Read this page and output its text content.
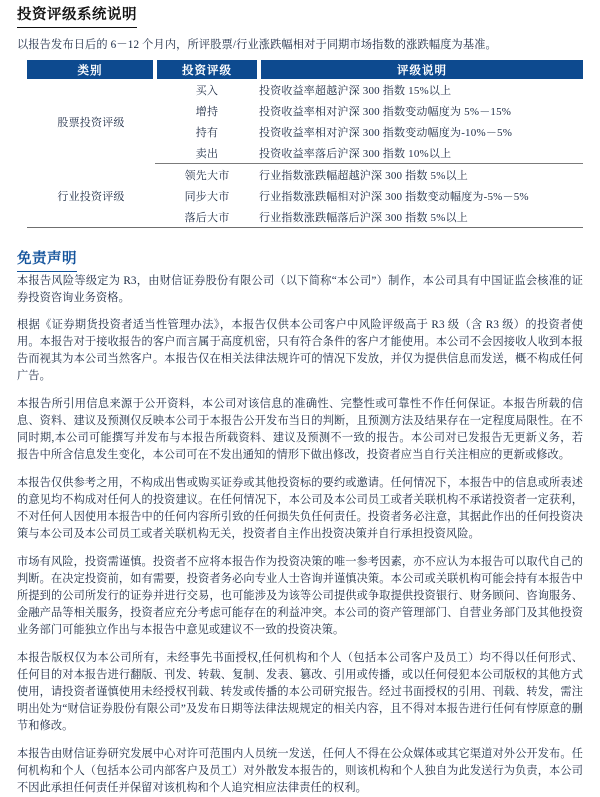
投资评级系统说明

以报告发布日后的 6－12 个月内，所评股票/行业涨跌幅相对于同期市场指数的涨跌幅度为基准。

类别	投资评级	评级说明
股票投资评级	买入	投资收益率超越沪深 300 指数 15%以上
	增持	投资收益率相对沪深 300 指数变动幅度为 5%－15%
	持有	投资收益率相对沪深 300 指数变动幅度为-10%－5%
	卖出	投资收益率落后沪深 300 指数 10%以上
行业投资评级	领先大市	行业指数涨跌幅超越沪深 300 指数 5%以上
	同步大市	行业指数涨跌幅相对沪深 300 指数变动幅度为-5%－5%
	落后大市	行业指数涨跌幅落后沪深 300 指数 5%以上
免责声明

本报告风险等级定为 R3，由财信证券股份有限公司（以下简称“本公司”）制作，本公司具有中国证监会核准的证券投资咨询业务资格。

根据《证券期货投资者适当性管理办法》，本报告仅供本公司客户中风险评级高于 R3 级（含 R3 级）的投资者使用。本报告对于接收报告的客户而言属于高度机密，只有符合条件的客户才能使用。本公司不会因接收人收到本报告而视其为本公司当然客户。本报告仅在相关法律法规许可的情况下发放，并仅为提供信息而发送，概不构成任何广告。

本报告所引用信息来源于公开资料，本公司对该信息的准确性、完整性或可靠性不作任何保证。本报告所载的信息、资料、建议及预测仅反映本公司于本报告公开发布当日的判断，且预测方法及结果存在一定程度局限性。在不同时期,本公司可能撰写并发布与本报告所载资料、建议及预测不一致的报告。本公司对已发报告无更新义务，若报告中所含信息发生变化，本公司可在不发出通知的情形下做出修改，投资者应当自行关注相应的更新或修改。

本报告仅供参考之用，不构成出售或购买证券或其他投资标的要约或邀请。任何情况下，本报告中的信息或所表述的意见均不构成对任何人的投资建议。在任何情况下，本公司及本公司员工或者关联机构不承诺投资者一定获利，不对任何人因使用本报告中的任何内容所引致的任何损失负任何责任。投资者务必注意，其据此作出的任何投资决策与本公司及本公司员工或者关联机构无关，投资者自主作出投资决策并自行承担投资风险。

市场有风险，投资需谨慎。投资者不应将本报告作为投资决策的唯一参考因素，亦不应认为本报告可以取代自己的判断。在决定投资前，如有需要，投资者务必向专业人士咨询并谨慎决策。本公司或关联机构可能会持有本报告中所提到的公司所发行的证券并进行交易，也可能涉及为该等公司提供或争取提供投资银行、财务顾问、咨询服务、金融产品等相关服务，投资者应充分考虑可能存在的利益冲突。本公司的资产管理部门、自营业务部门及其他投资业务部门可能独立作出与本报告中意见或建议不一致的投资决策。

本报告版权仅为本公司所有，未经事先书面授权,任何机构和个人（包括本公司客户及员工）均不得以任何形式、任何目的对本报告进行翻版、刊发、转载、复制、发表、篡改、引用或传播，或以任何侵犯本公司版权的其他方式使用，请投资者谨慎使用未经授权刊载、转发或传播的本公司研究报告。经过书面授权的引用、刊载、转发，需注明出处为“财信证券股份有限公司”及发布日期等法律法规规定的相关内容，且不得对本报告进行任何有悖原意的删节和修改。

本报告由财信证券研究发展中心对许可范围内人员统一发送，任何人不得在公众媒体或其它渠道对外公开发布。任何机构和个人（包括本公司内部客户及员工）对外散发本报告的，则该机构和个人独自为此发送行为负责，本公司不因此承担任何责任并保留对该机构和个人追究相应法律责任的权利。
